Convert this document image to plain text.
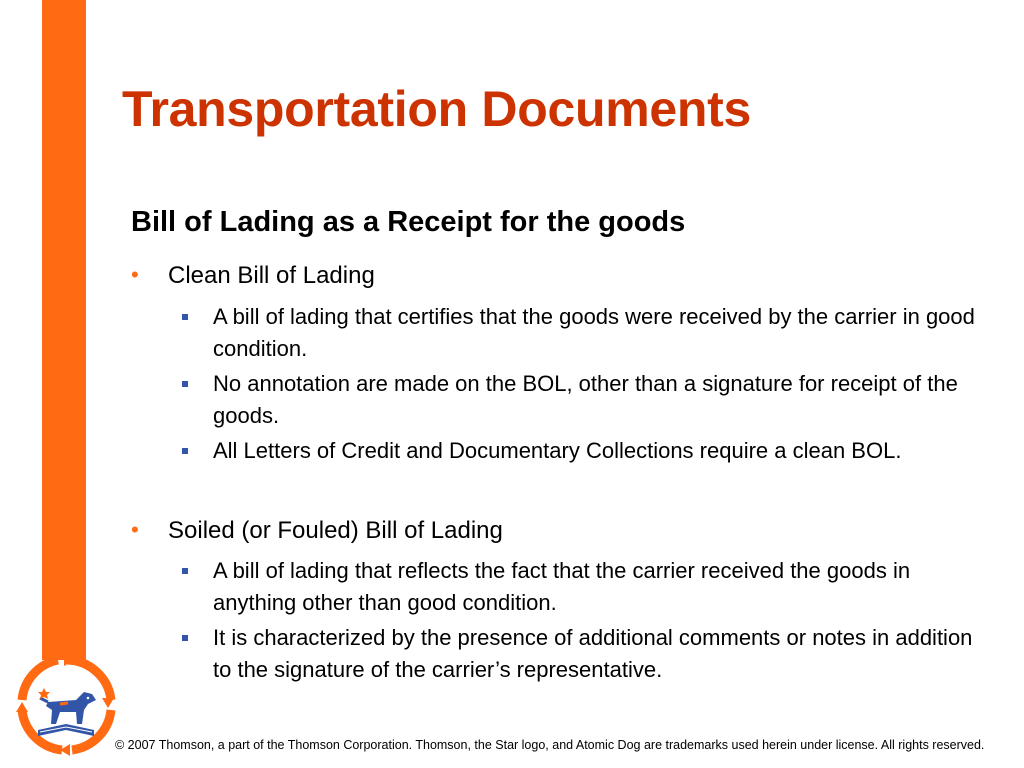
Transportation Documents
Bill of Lading as a Receipt for the goods
• Clean Bill of Lading
A bill of lading that certifies that the goods were received by the carrier in good condition.
No annotation are made on the BOL, other than a signature for receipt of the goods.
All Letters of Credit and Documentary Collections require a clean BOL.
• Soiled (or Fouled) Bill of Lading
A bill of lading that reflects the fact that the carrier received the goods in anything other than good condition.
It is characterized by the presence of additional comments or notes in addition to the signature of the carrier’s representative.
© 2007 Thomson, a part of the Thomson Corporation. Thomson, the Star logo, and Atomic Dog are trademarks used herein under license. All rights reserved.
